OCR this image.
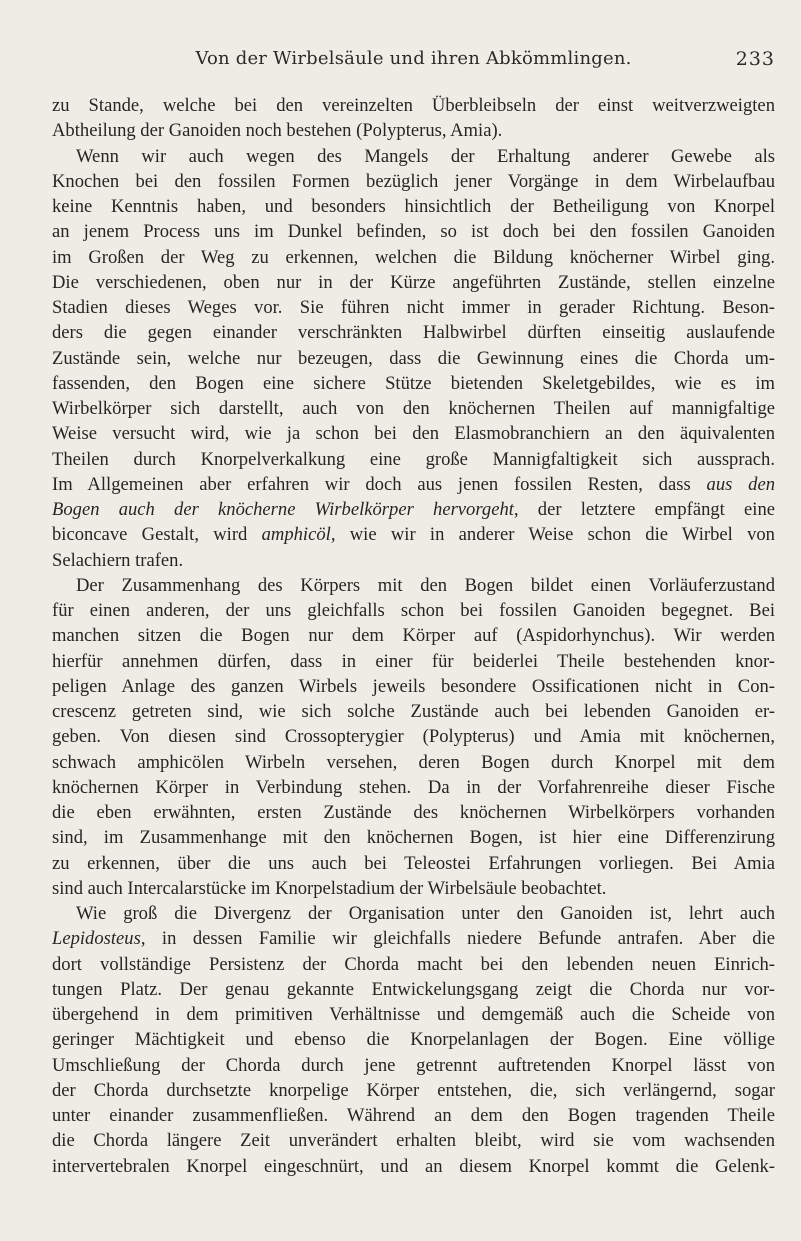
Von der Wirbelsäule und ihren Abkömmlingen.	233
zu Stande, welche bei den vereinzelten Überbleibseln der einst weitverzweigten
Abtheilung der Ganoiden noch bestehen (Polypterus, Amia).
Wenn wir auch wegen des Mangels der Erhaltung anderer Gewebe als
Knochen bei den fossilen Formen bezüglich jener Vorgänge in dem Wirbelaufbau
keine Kenntnis haben, und besonders hinsichtlich der Betheiligung von Knorpel
an jenem Process uns im Dunkel befinden, so ist doch bei den fossilen Ganoiden
im Großen der Weg zu erkennen, welchen die Bildung knöcherner Wirbel ging.
Die verschiedenen, oben nur in der Kürze angeführten Zustände, stellen einzelne
Stadien dieses Weges vor. Sie führen nicht immer in gerader Richtung. Beson-
ders die gegen einander verschränkten Halbwirbel dürften einseitig auslaufende
Zustände sein, welche nur bezeugen, dass die Gewinnung eines die Chorda um-
fassenden, den Bogen eine sichere Stütze bietenden Skeletgebildes, wie es im
Wirbelkörper sich darstellt, auch von den knöchernen Theilen auf mannigfaltige
Weise versucht wird, wie ja schon bei den Elasmobranchiern an den äquivalenten
Theilen durch Knorpelverkalkung eine große Mannigfaltigkeit sich aussprach.
Im Allgemeinen aber erfahren wir doch aus jenen fossilen Resten, dass aus den
Bogen auch der knöcherne Wirbelkörper hervorgeht, der letztere empfängt eine
biconcave Gestalt, wird amphicöl, wie wir in anderer Weise schon die Wirbel von
Selachiern trafen.
Der Zusammenhang des Körpers mit den Bogen bildet einen Vorläuferzustand
für einen anderen, der uns gleichfalls schon bei fossilen Ganoiden begegnet. Bei
manchen sitzen die Bogen nur dem Körper auf (Aspidorhynchus). Wir werden
hierfür annehmen dürfen, dass in einer für beiderlei Theile bestehenden knor-
peligen Anlage des ganzen Wirbels jeweils besondere Ossificationen nicht in Con-
crescenz getreten sind, wie sich solche Zustände auch bei lebenden Ganoiden er-
geben. Von diesen sind Crossopterygier (Polypterus) und Amia mit knöchernen,
schwach amphicölen Wirbeln versehen, deren Bogen durch Knorpel mit dem
knöchernen Körper in Verbindung stehen. Da in der Vorfahrenreihe dieser Fische
die eben erwähnten, ersten Zustände des knöchernen Wirbelkörpers vorhanden
sind, im Zusammenhange mit den knöchernen Bogen, ist hier eine Differenzirung
zu erkennen, über die uns auch bei Teleostei Erfahrungen vorliegen. Bei Amia
sind auch Intercalarstücke im Knorpelstadium der Wirbelsäule beobachtet.
Wie groß die Divergenz der Organisation unter den Ganoiden ist, lehrt auch
Lepidosteus, in dessen Familie wir gleichfalls niedere Befunde antrafen. Aber die
dort vollständige Persistenz der Chorda macht bei den lebenden neuen Einrich-
tungen Platz. Der genau gekannte Entwickelungsgang zeigt die Chorda nur vor-
übergehend in dem primitiven Verhältnisse und demgemäß auch die Scheide von
geringer Mächtigkeit und ebenso die Knorpelanlagen der Bogen. Eine völlige
Umschließung der Chorda durch jene getrennt auftretenden Knorpel lässt von
der Chorda durchsetzte knorpelige Körper entstehen, die, sich verlängernd, sogar
unter einander zusammenfließen. Während an dem den Bogen tragenden Theile
die Chorda längere Zeit unverändert erhalten bleibt, wird sie vom wachsenden
intervertebralen Knorpel eingeschnürt, und an diesem Knorpel kommt die Gelenk-
